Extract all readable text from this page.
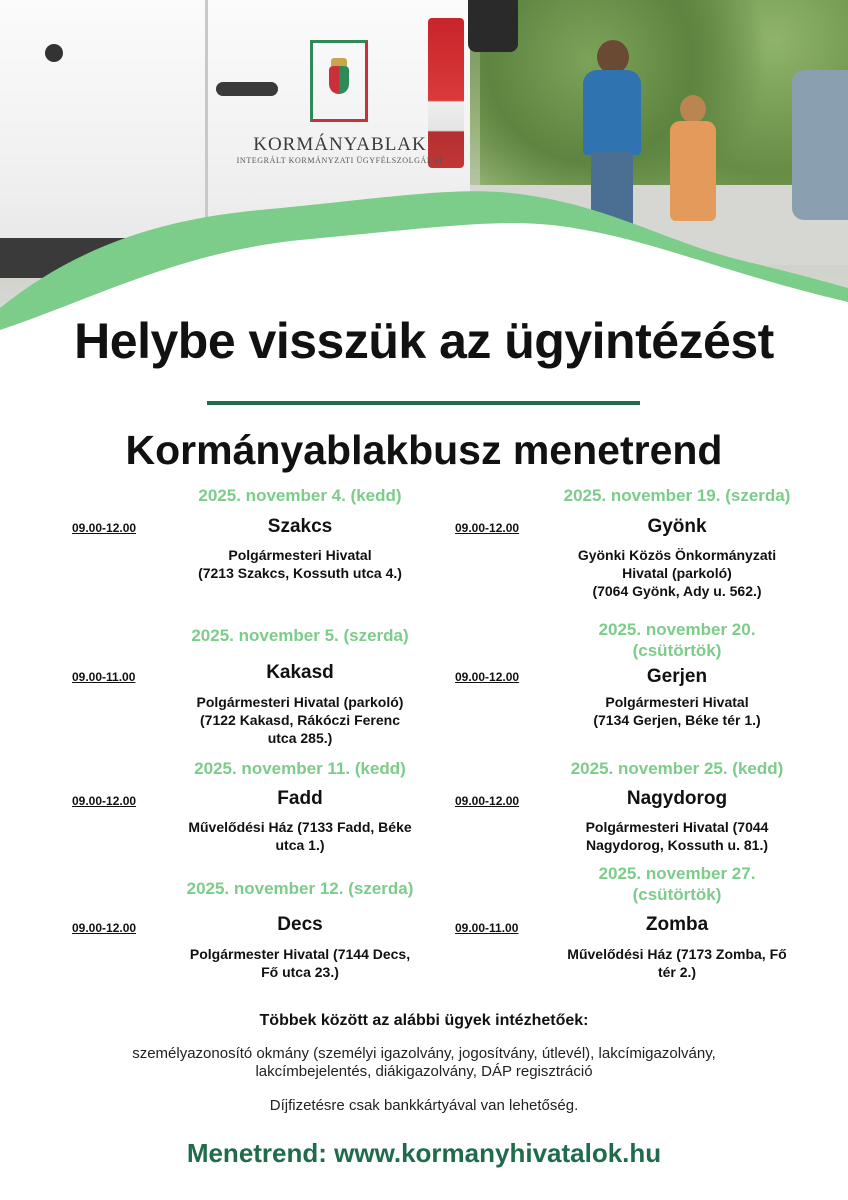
KORMÁNYABLAK
INTEGRÁLT KORMÁNYZATI ÜGYFÉLSZOLGÁLAT
Helybe visszük az ügyintézést
Kormányablakbusz menetrend
2025. november 4. (kedd)
09.00-12.00	Szakcs
Polgármesteri Hivatal
(7213 Szakcs, Kossuth utca 4.)
2025. november 5. (szerda)
09.00-11.00	Kakasd
Polgármesteri Hivatal (parkoló)
(7122 Kakasd, Rákóczi Ferenc
utca 285.)
2025. november 11. (kedd)
09.00-12.00	Fadd
Művelődési Ház (7133 Fadd, Béke
utca 1.)
2025. november 12. (szerda)
09.00-12.00	Decs
Polgármester Hivatal (7144 Decs,
Fő utca 23.)
2025. november 19. (szerda)
09.00-12.00	Gyönk
Gyönki Közös Önkormányzati
Hivatal (parkoló)
(7064 Gyönk, Ady u. 562.)
2025. november 20.
(csütörtök)
09.00-12.00	Gerjen
Polgármesteri Hivatal
(7134 Gerjen, Béke tér 1.)
2025. november 25. (kedd)
09.00-12.00	Nagydorog
Polgármesteri Hivatal (7044
Nagydorog, Kossuth u. 81.)
2025. november 27.
(csütörtök)
09.00-11.00	Zomba
Művelődési Ház (7173 Zomba, Fő
tér 2.)
Többek között az alábbi ügyek intézhetőek:
személyazonosító okmány (személyi igazolvány, jogosítvány, útlevél), lakcímigazolvány,
lakcímbejelentés, diákigazolvány, DÁP regisztráció
Díjfizetésre csak bankkártyával van lehetőség.
Menetrend: www.kormanyhivatalok.hu
